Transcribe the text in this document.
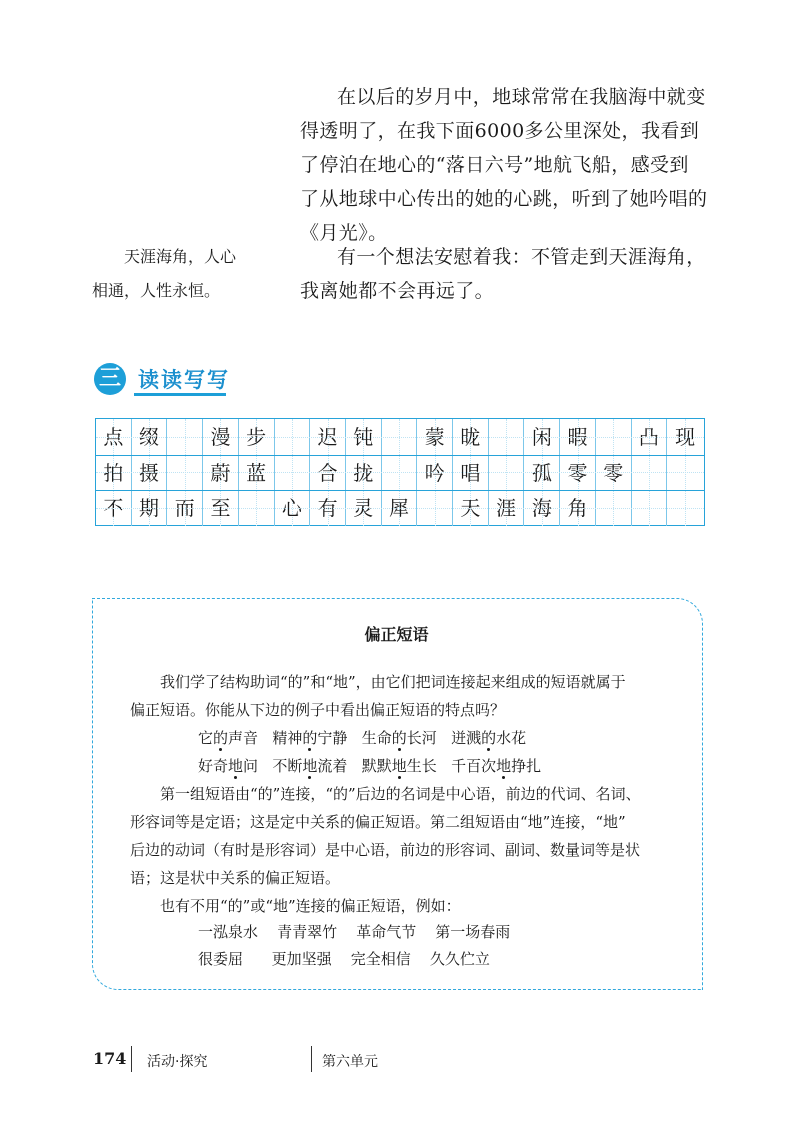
在以后的岁月中，地球常常在我脑海中就变

得透明了，在我下面6000多公里深处，我看到

了停泊在地心的“落日六号”地航飞船，感受到

了从地球中心传出的她的心跳，听到了她吟唱的

《月光》。

有一个想法安慰着我：不管走到天涯海角，

我离她都不会再远了。

天涯海角，人心
相通，人性永恒。
三 读读写写
点 缀	漫 步	迟 钝	蒙 昽	闲 暇	凸 现
拍 摄	蔚 蓝	合 拢	吟 唱	孤 零 零
不 期 而 至	心 有 灵 犀	天 涯 海 角
偏正短语
我们学了结构助词“的”和“地”，由它们把词连接起来组成的短语就属于
偏正短语。你能从下边的例子中看出偏正短语的特点吗？
它的声音 精神的宁静 生命的长河 迸溅的水花
好奇地问 不断地流着 默默地生长 千百次地挣扎
第一组短语由“的”连接，“的”后边的名词是中心语，前边的代词、名词、
形容词等是定语；这是定中关系的偏正短语。第二组短语由“地”连接，“地”
后边的动词（有时是形容词）是中心语，前边的形容词、副词、数量词等是状
语；这是状中关系的偏正短语。
也有不用“的”或“地”连接的偏正短语，例如：
一泓泉水 青青翠竹 革命气节 第一场春雨
很委屈 更加坚强 完全相信 久久伫立
174 活动·探究	第六单元
